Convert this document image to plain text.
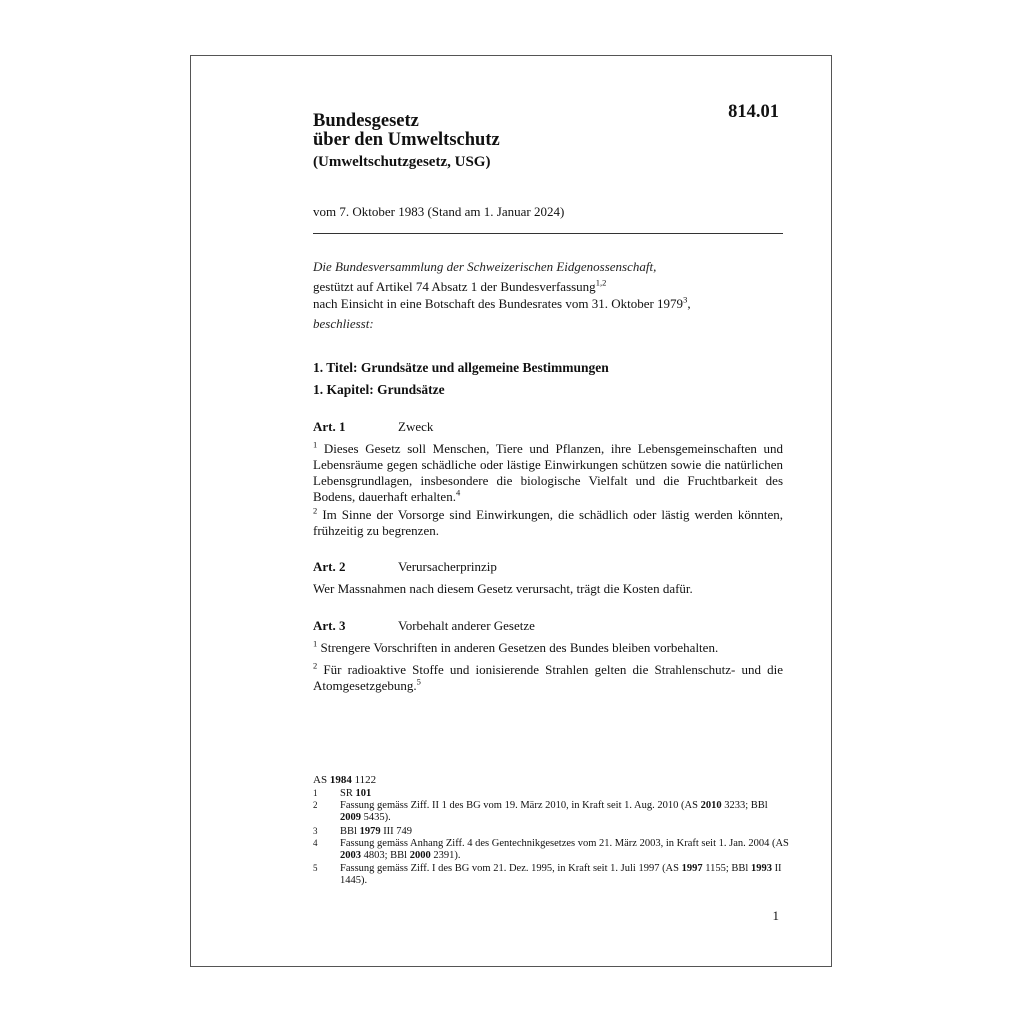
814.01
Bundesgesetz
über den Umweltschutz
(Umweltschutzgesetz, USG)
vom 7. Oktober 1983 (Stand am 1. Januar 2024)
Die Bundesversammlung der Schweizerischen Eidgenossenschaft,
gestützt auf Artikel 74 Absatz 1 der Bundesverfassung$^{1,2}$
nach Einsicht in eine Botschaft des Bundesrates vom 31. Oktober 1979$^3$,
beschliesst:
1. Titel: Grundsätze und allgemeine Bestimmungen
1. Kapitel: Grundsätze
Art. 1	Zweck
$^1$ Dieses Gesetz soll Menschen, Tiere und Pflanzen, ihre Lebensgemeinschaften und Lebensräume gegen schädliche oder lästige Einwirkungen schützen sowie die natürlichen Lebensgrundlagen, insbesondere die biologische Vielfalt und die Fruchtbarkeit des Bodens, dauerhaft erhalten.$^4$
$^2$ Im Sinne der Vorsorge sind Einwirkungen, die schädlich oder lästig werden könnten, frühzeitig zu begrenzen.
Art. 2	Verursacherprinzip
Wer Massnahmen nach diesem Gesetz verursacht, trägt die Kosten dafür.
Art. 3	Vorbehalt anderer Gesetze
$^1$ Strengere Vorschriften in anderen Gesetzen des Bundes bleiben vorbehalten.
$^2$ Für radioaktive Stoffe und ionisierende Strahlen gelten die Strahlenschutz- und die Atomgesetzgebung.$^5$
AS 1984 1122
1 SR 101
2 Fassung gemäss Ziff. II 1 des BG vom 19. März 2010, in Kraft seit 1. Aug. 2010 (AS 2010 3233; BBl 2009 5435).
3 BBl 1979 III 749
4 Fassung gemäss Anhang Ziff. 4 des Gentechnikgesetzes vom 21. März 2003, in Kraft seit 1. Jan. 2004 (AS 2003 4803; BBl 2000 2391).
5 Fassung gemäss Ziff. I des BG vom 21. Dez. 1995, in Kraft seit 1. Juli 1997 (AS 1997 1155; BBl 1993 II 1445).
1
